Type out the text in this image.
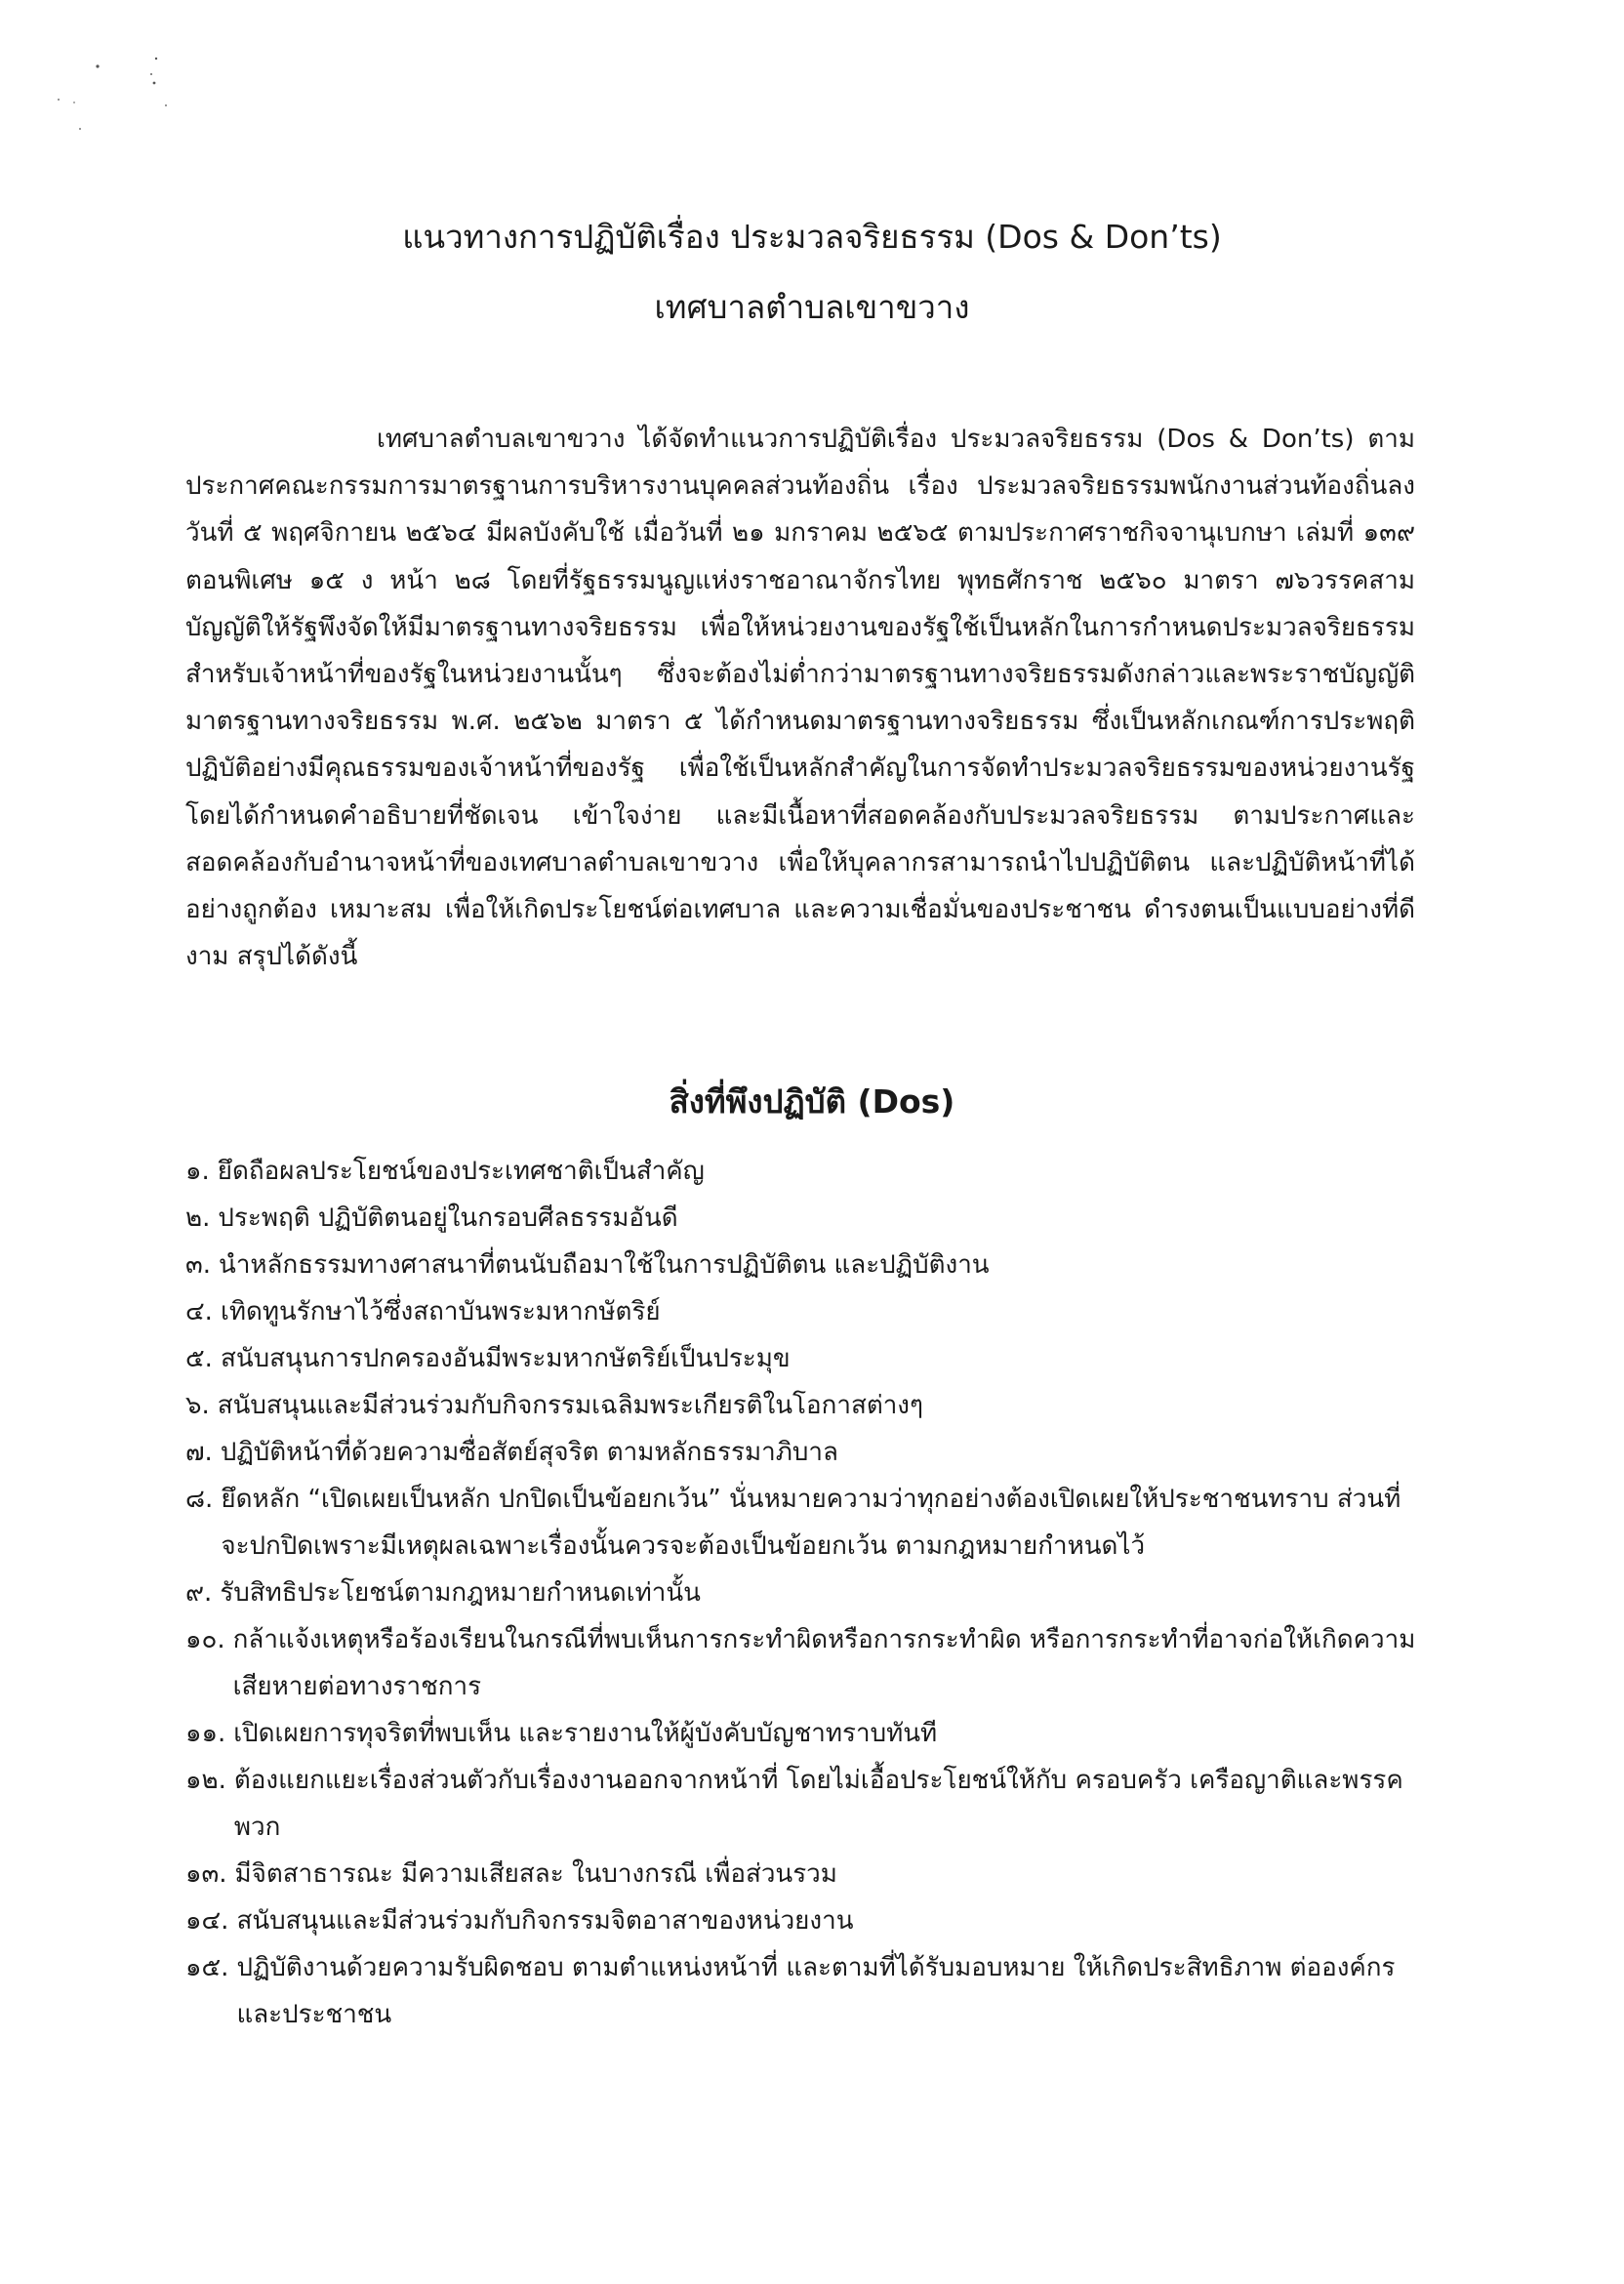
แนวทางการปฏิบัติเรื่อง ประมวลจริยธรรม (Dos & Don’ts)
เทศบาลตำบลเขาขวาง

เทศบาลตำบลเขาขวาง ได้จัดทำแนวการปฏิบัติเรื่อง ประมวลจริยธรรม (Dos & Don’ts) ตามประกาศคณะกรรมการมาตรฐานการบริหารงานบุคคลส่วนท้องถิ่น เรื่อง ประมวลจริยธรรมพนักงานส่วนท้องถิ่นลงวันที่ ๕ พฤศจิกายน ๒๕๖๔ มีผลบังคับใช้ เมื่อวันที่ ๒๑ มกราคม ๒๕๖๕ ตามประกาศราชกิจจานุเบกษา เล่มที่ ๑๓๙ ตอนพิเศษ ๑๕ ง หน้า ๒๘ โดยที่รัฐธรรมนูญแห่งราชอาณาจักรไทย พุทธศักราช ๒๕๖๐ มาตรา ๗๖วรรคสาม บัญญัติให้รัฐพึงจัดให้มีมาตรฐานทางจริยธรรม เพื่อให้หน่วยงานของรัฐใช้เป็นหลักในการกำหนดประมวลจริยธรรมสำหรับเจ้าหน้าที่ของรัฐในหน่วยงานนั้นๆ ซึ่งจะต้องไม่ต่ำกว่ามาตรฐานทางจริยธรรมดังกล่าวและพระราชบัญญัติมาตรฐานทางจริยธรรม พ.ศ. ๒๕๖๒ มาตรา ๕ ได้กำหนดมาตรฐานทางจริยธรรม ซึ่งเป็นหลักเกณฑ์การประพฤติปฏิบัติอย่างมีคุณธรรมของเจ้าหน้าที่ของรัฐ เพื่อใช้เป็นหลักสำคัญในการจัดทำประมวลจริยธรรมของหน่วยงานรัฐ โดยได้กำหนดคำอธิบายที่ชัดเจน เข้าใจง่าย และมีเนื้อหาที่สอดคล้องกับประมวลจริยธรรม ตามประกาศและสอดคล้องกับอำนาจหน้าที่ของเทศบาลตำบลเขาขวาง เพื่อให้บุคลากรสามารถนำไปปฏิบัติตน และปฏิบัติหน้าที่ได้อย่างถูกต้อง เหมาะสม เพื่อให้เกิดประโยชน์ต่อเทศบาล และความเชื่อมั่นของประชาชน ดำรงตนเป็นแบบอย่างที่ดีงาม สรุปได้ดังนี้

สิ่งที่พึงปฏิบัติ (Dos)
๑. ยึดถือผลประโยชน์ของประเทศชาติเป็นสำคัญ
๒. ประพฤติ ปฏิบัติตนอยู่ในกรอบศีลธรรมอันดี
๓. นำหลักธรรมทางศาสนาที่ตนนับถือมาใช้ในการปฏิบัติตน และปฏิบัติงาน
๔. เทิดทูนรักษาไว้ซึ่งสถาบันพระมหากษัตริย์
๕. สนับสนุนการปกครองอันมีพระมหากษัตริย์เป็นประมุข
๖. สนับสนุนและมีส่วนร่วมกับกิจกรรมเฉลิมพระเกียรติในโอกาสต่างๆ
๗. ปฏิบัติหน้าที่ด้วยความซื่อสัตย์สุจริต ตามหลักธรรมาภิบาล
๘. ยึดหลัก “เปิดเผยเป็นหลัก ปกปิดเป็นข้อยกเว้น” นั่นหมายความว่าทุกอย่างต้องเปิดเผยให้ประชาชนทราบ ส่วนที่จะปกปิดเพราะมีเหตุผลเฉพาะเรื่องนั้นควรจะต้องเป็นข้อยกเว้น ตามกฎหมายกำหนดไว้
๙. รับสิทธิประโยชน์ตามกฎหมายกำหนดเท่านั้น
๑๐. กล้าแจ้งเหตุหรือร้องเรียนในกรณีที่พบเห็นการกระทำผิดหรือการกระทำผิด หรือการกระทำที่อาจก่อให้เกิดความเสียหายต่อทางราชการ
๑๑. เปิดเผยการทุจริตที่พบเห็น และรายงานให้ผู้บังคับบัญชาทราบทันที
๑๒. ต้องแยกแยะเรื่องส่วนตัวกับเรื่องงานออกจากหน้าที่ โดยไม่เอื้อประโยชน์ให้กับ ครอบครัว เครือญาติและพรรคพวก
๑๓. มีจิตสาธารณะ มีความเสียสละ ในบางกรณี เพื่อส่วนรวม
๑๔. สนับสนุนและมีส่วนร่วมกับกิจกรรมจิตอาสาของหน่วยงาน
๑๕. ปฏิบัติงานด้วยความรับผิดชอบ ตามตำแหน่งหน้าที่ และตามที่ได้รับมอบหมาย ให้เกิดประสิทธิภาพ ต่อองค์กรและประชาชน
